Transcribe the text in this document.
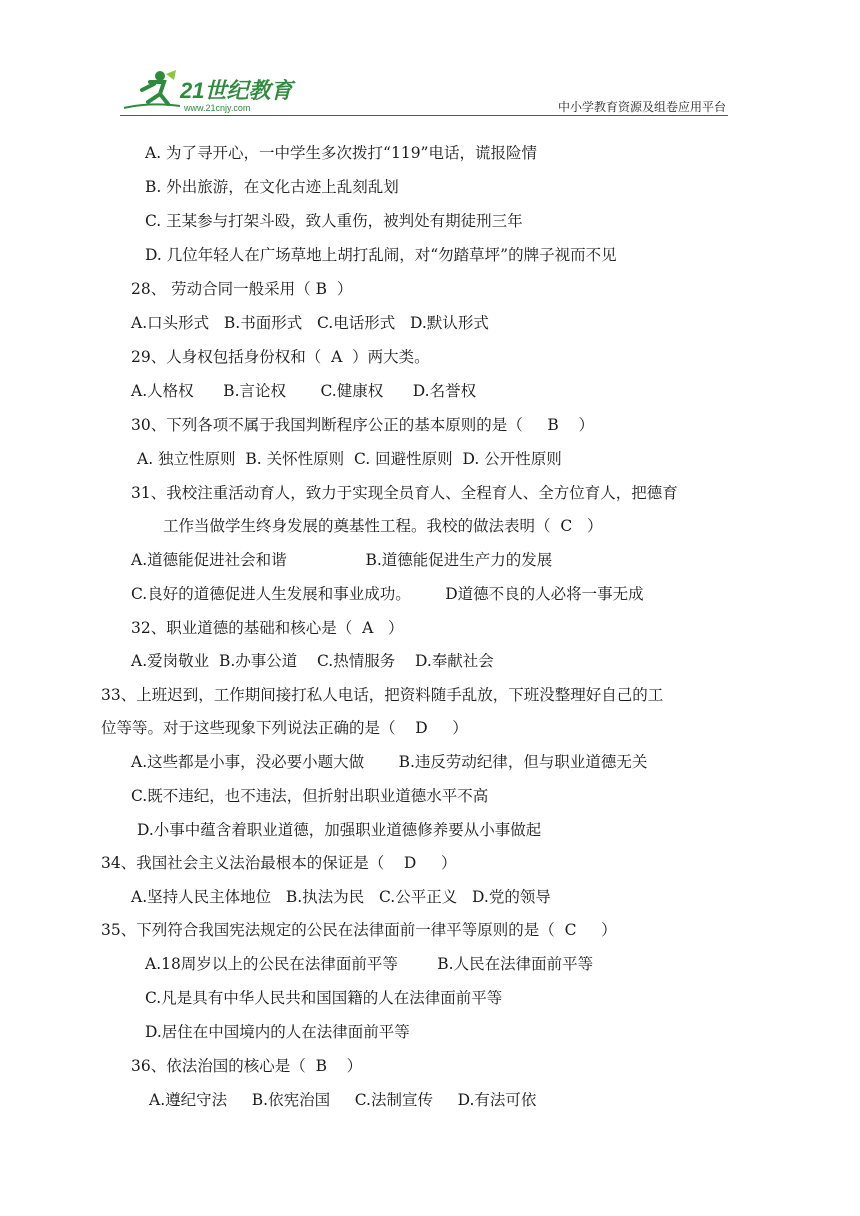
21世纪教育
www.21cnjy.com	中小学教育资源及组卷应用平台
A. 为了寻开心，一中学生多次拨打“119”电话，谎报险情
B. 外出旅游，在文化古迹上乱刻乱划
C. 王某参与打架斗殴，致人重伤，被判处有期徒刑三年
D. 几位年轻人在广场草地上胡打乱闹，对“勿踏草坪”的牌子视而不见
28、 劳动合同一般采用（ B  ）
A.口头形式   B.书面形式   C.电话形式   D.默认形式
29、人身权包括身份权和（  A  ）两大类。
A.人格权      B.言论权       C.健康权      D.名誉权
30、下列各项不属于我国判断程序公正的基本原则的是（     B    ）
A. 独立性原则  B. 关怀性原则  C. 回避性原则  D. 公开性原则
31、我校注重活动育人，致力于实现全员育人、全程育人、全方位育人，把德育
工作当做学生终身发展的奠基性工程。我校的做法表明（  C   ）
A.道德能促进社会和谐                B.道德能促进生产力的发展
C.良好的道德促进人生发展和事业成功。       D道德不良的人必将一事无成
32、职业道德的基础和核心是（  A   ）
A.爱岗敬业  B.办事公道    C.热情服务    D.奉献社会
33、上班迟到，工作期间接打私人电话，把资料随手乱放，下班没整理好自己的工
位等等。对于这些现象下列说法正确的是（    D     ）
A.这些都是小事，没必要小题大做       B.违反劳动纪律，但与职业道德无关
C.既不违纪，也不违法，但折射出职业道德水平不高
D.小事中蕴含着职业道德，加强职业道德修养要从小事做起
34、我国社会主义法治最根本的保证是（    D     ）
A.坚持人民主体地位   B.执法为民   C.公平正义   D.党的领导
35、下列符合我国宪法规定的公民在法律面前一律平等原则的是（  C     ）
A.18周岁以上的公民在法律面前平等        B.人民在法律面前平等
C.凡是具有中华人民共和国国籍的人在法律面前平等
D.居住在中国境内的人在法律面前平等
36、依法治国的核心是（  B    ）
A.遵纪守法     B.依宪治国     C.法制宣传     D.有法可依
